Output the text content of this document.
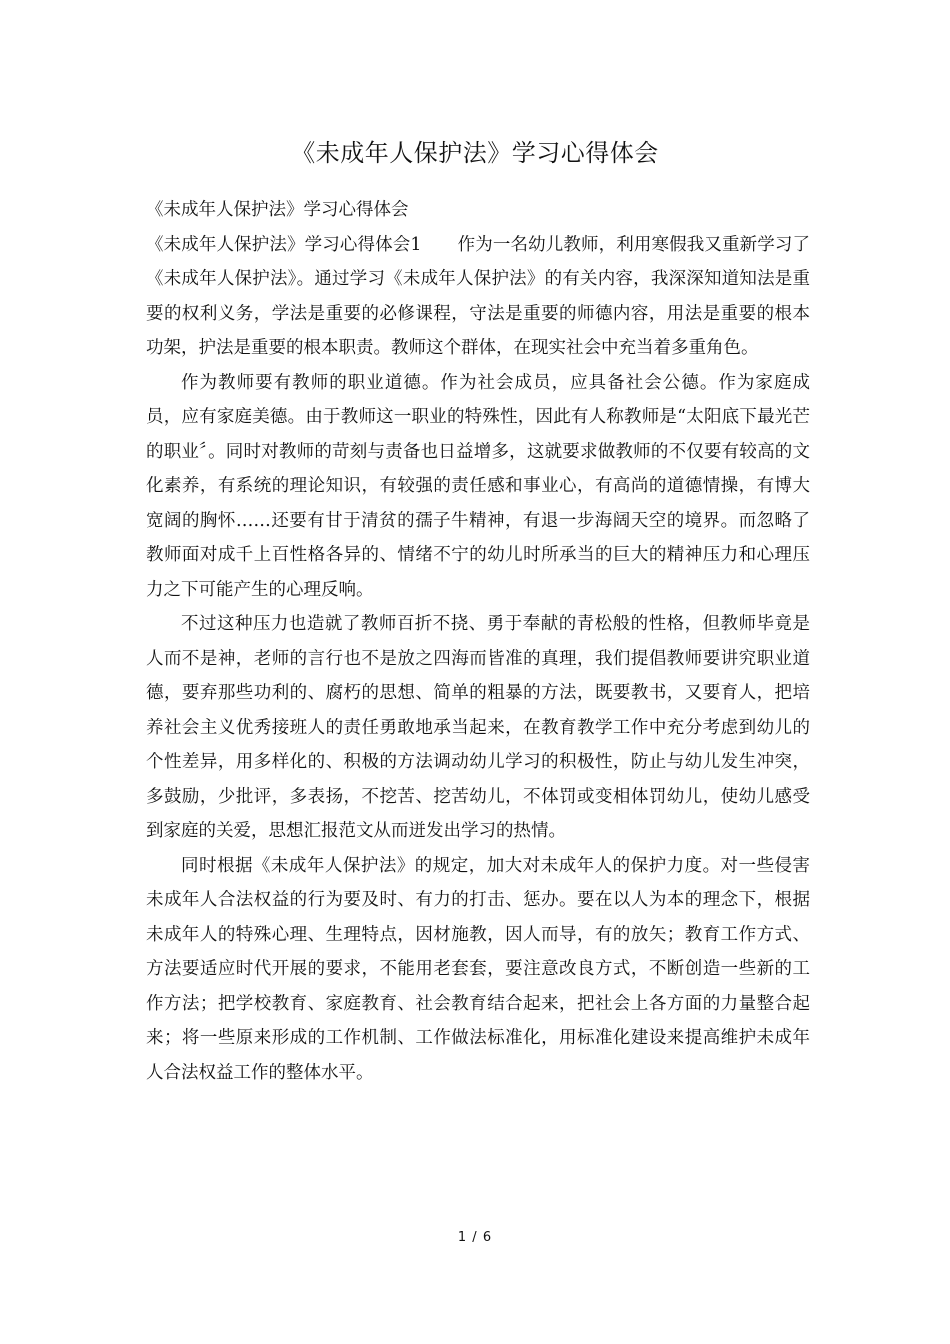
《未成年人保护法》学习心得体会

《未成年人保护法》学习心得体会

《未成年人保护法》学习心得体会1 作为一名幼儿教师，利用寒假我又重新学习了《未成年人保护法》。通过学习《未成年人保护法》的有关内容，我深深知道知法是重要的权利义务，学法是重要的必修课程，守法是重要的师德内容，用法是重要的根本功架，护法是重要的根本职责。教师这个群体，在现实社会中充当着多重角色。

作为教师要有教师的职业道德。作为社会成员，应具备社会公德。作为家庭成员，应有家庭美德。由于教师这一职业的特殊性，因此有人称教师是“太阳底下最光芒的职业〞。同时对教师的苛刻与责备也日益增多，这就要求做教师的不仅要有较高的文化素养，有系统的理论知识，有较强的责任感和事业心，有高尚的道德情操，有博大宽阔的胸怀……还要有甘于清贫的孺子牛精神，有退一步海阔天空的境界。而忽略了教师面对成千上百性格各异的、情绪不宁的幼儿时所承当的巨大的精神压力和心理压力之下可能产生的心理反响。

不过这种压力也造就了教师百折不挠、勇于奉献的青松般的性格，但教师毕竟是人而不是神，老师的言行也不是放之四海而皆准的真理，我们提倡教师要讲究职业道德，要弃那些功利的、腐朽的思想、简单的粗暴的方法，既要教书，又要育人，把培养社会主义优秀接班人的责任勇敢地承当起来，在教育教学工作中充分考虑到幼儿的个性差异，用多样化的、积极的方法调动幼儿学习的积极性，防止与幼儿发生冲突，多鼓励，少批评，多表扬，不挖苦、挖苦幼儿，不体罚或变相体罚幼儿，使幼儿感受到家庭的关爱，思想汇报范文从而迸发出学习的热情。

同时根据《未成年人保护法》的规定，加大对未成年人的保护力度。对一些侵害未成年人合法权益的行为要及时、有力的打击、惩办。要在以人为本的理念下，根据未成年人的特殊心理、生理特点，因材施教，因人而导，有的放矢；教育工作方式、方法要适应时代开展的要求，不能用老套套，要注意改良方式，不断创造一些新的工作方法；把学校教育、家庭教育、社会教育结合起来，把社会上各方面的力量整合起来；将一些原来形成的工作机制、工作做法标准化，用标准化建设来提高维护未成年人合法权益工作的整体水平。

1 / 6
